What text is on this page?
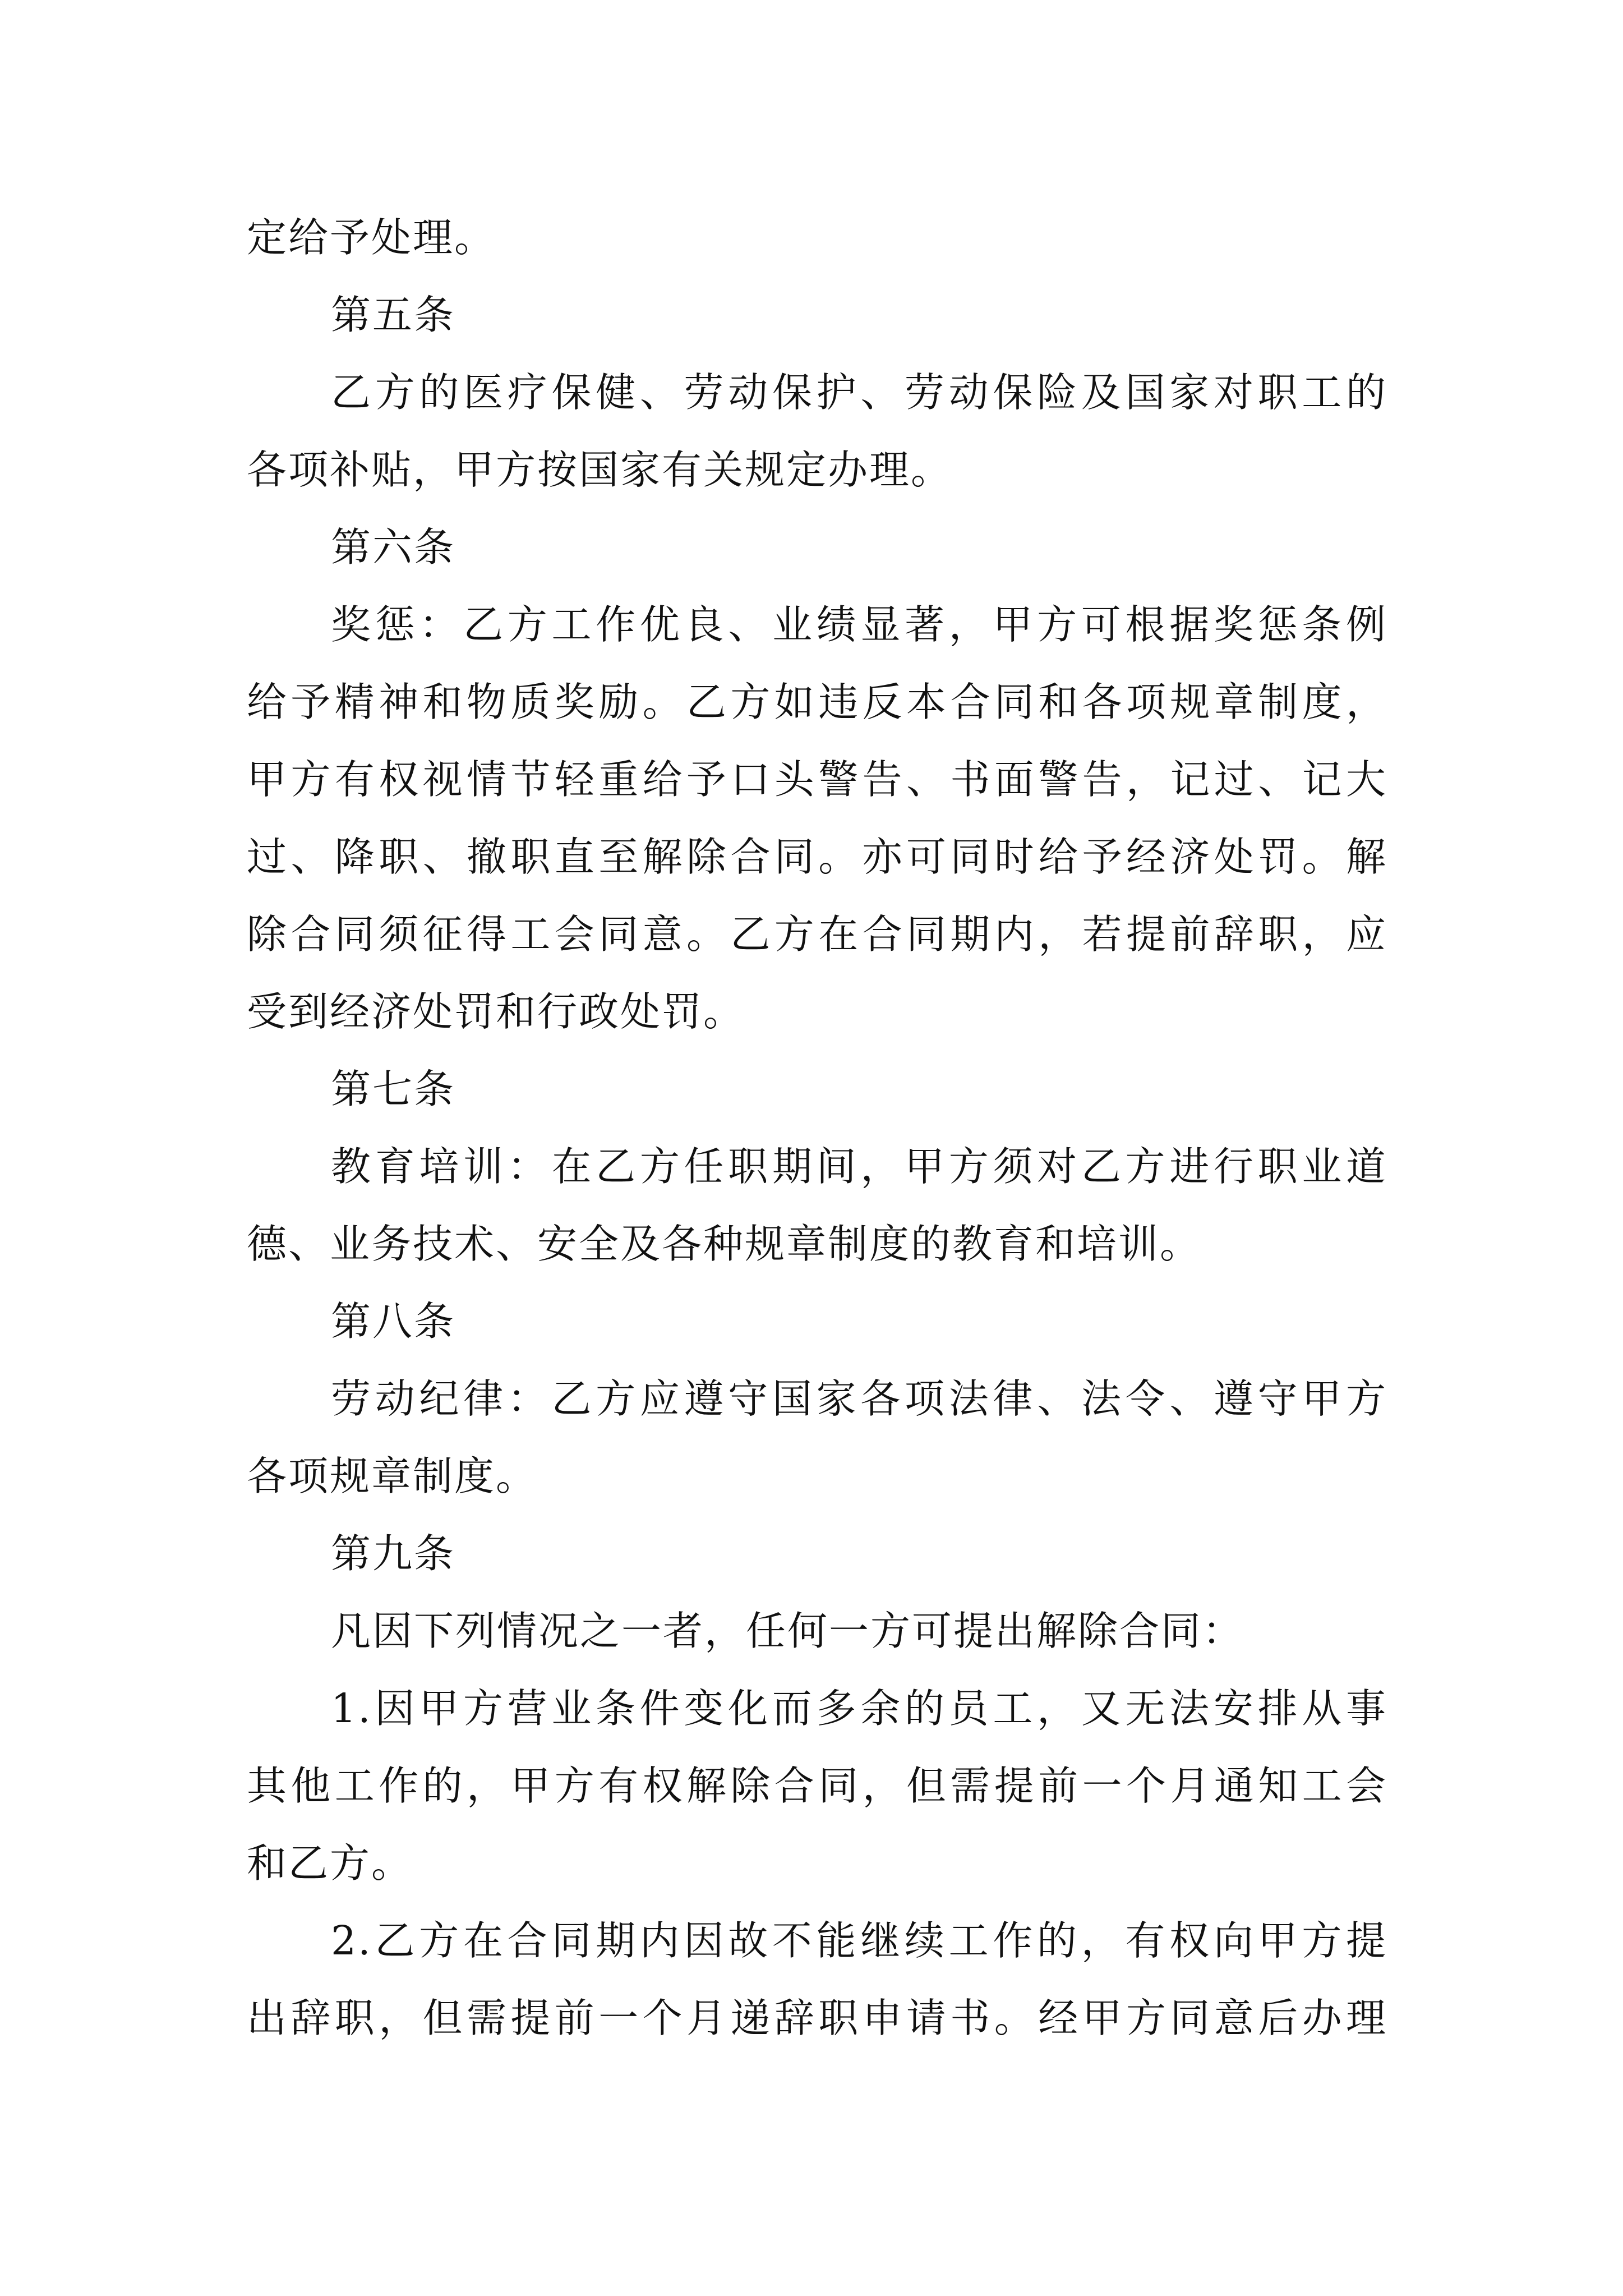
定给予处理。
第五条
乙方的医疗保健、劳动保护、劳动保险及国家对职工的
各项补贴，甲方按国家有关规定办理。
第六条
奖惩：乙方工作优良、业绩显著，甲方可根据奖惩条例
给予精神和物质奖励。乙方如违反本合同和各项规章制度，
甲方有权视情节轻重给予口头警告、书面警告，记过、记大
过、降职、撤职直至解除合同。亦可同时给予经济处罚。解
除合同须征得工会同意。乙方在合同期内，若提前辞职，应
受到经济处罚和行政处罚。
第七条
教育培训：在乙方任职期间，甲方须对乙方进行职业道
德、业务技术、安全及各种规章制度的教育和培训。
第八条
劳动纪律：乙方应遵守国家各项法律、法令、遵守甲方
各项规章制度。
第九条
凡因下列情况之一者，任何一方可提出解除合同：
1.因甲方营业条件变化而多余的员工，又无法安排从事
其他工作的，甲方有权解除合同，但需提前一个月通知工会
和乙方。
2.乙方在合同期内因故不能继续工作的，有权向甲方提
出辞职，但需提前一个月递辞职申请书。经甲方同意后办理
